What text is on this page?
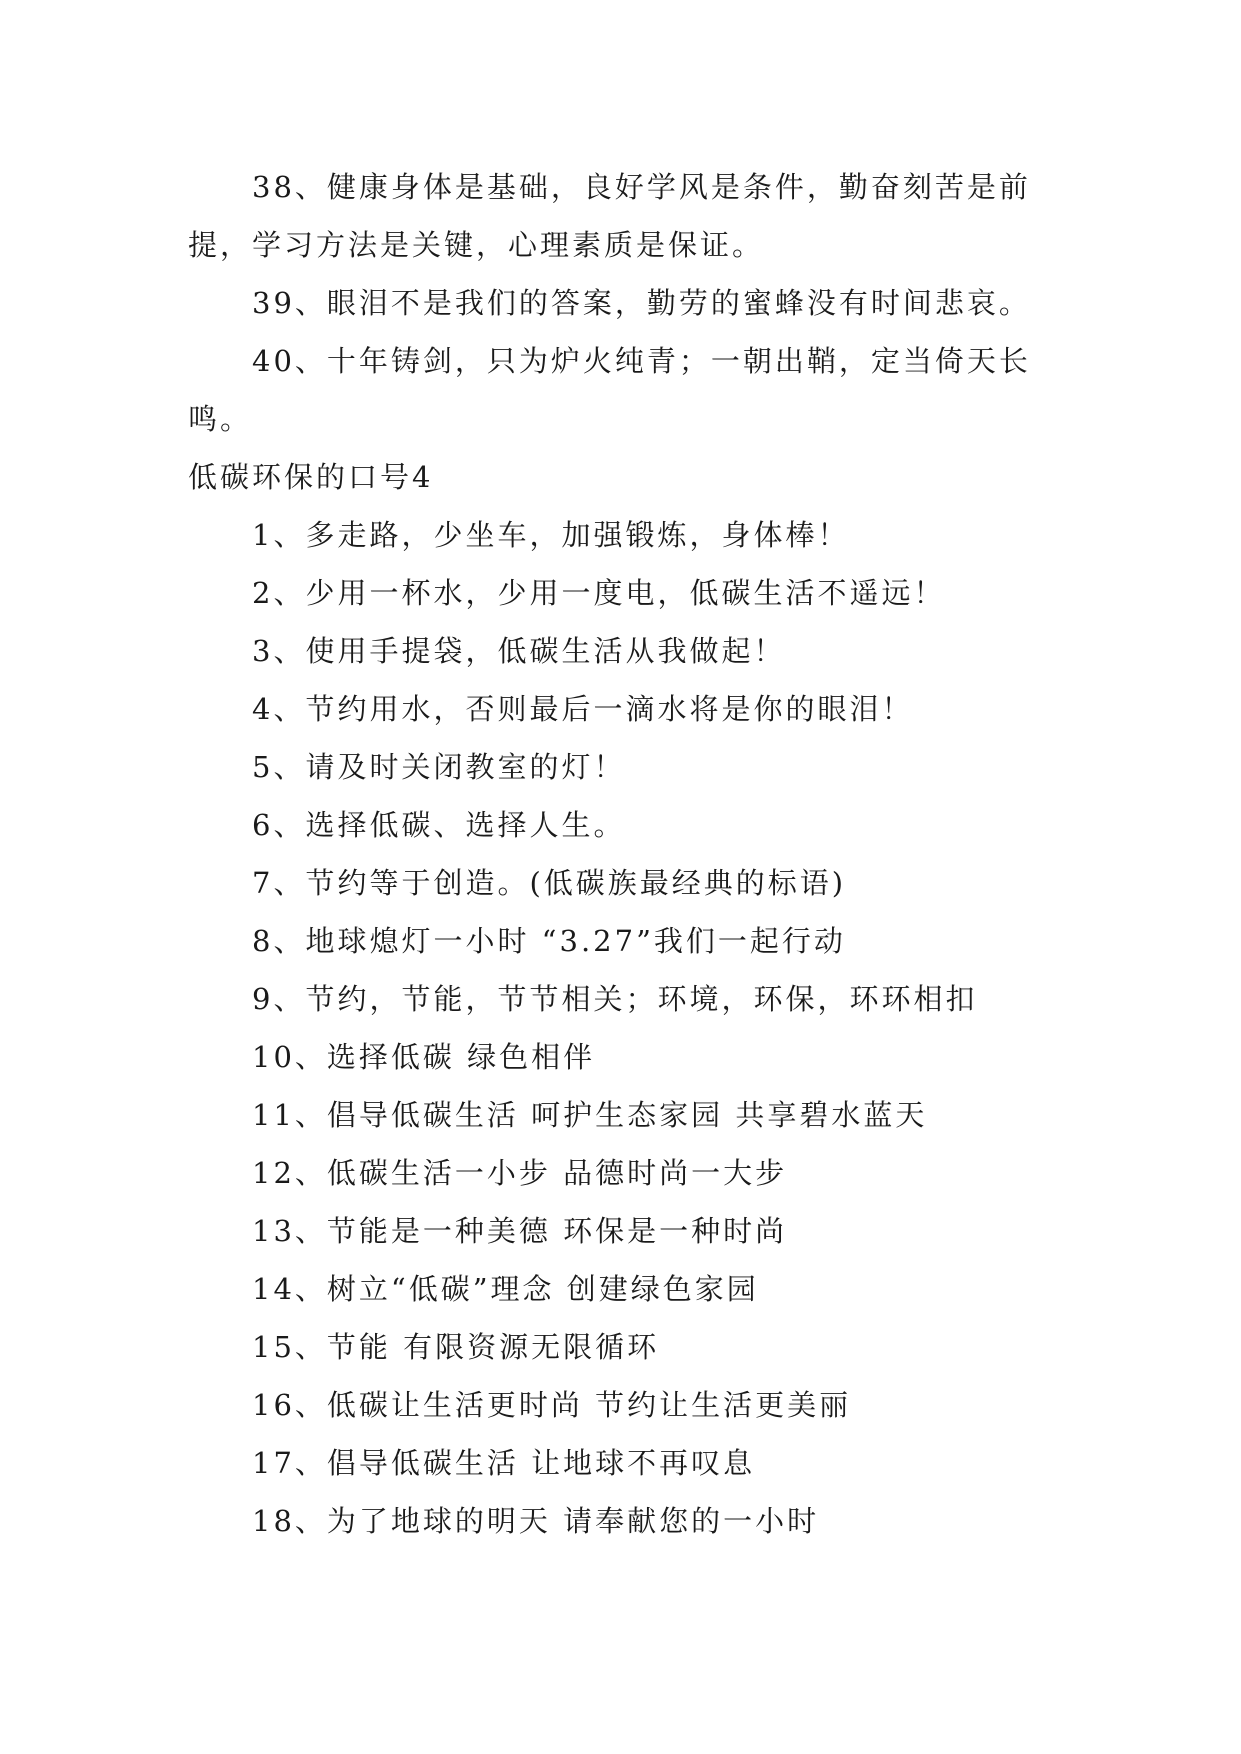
38、健康身体是基础，良好学风是条件，勤奋刻苦是前提，学习方法是关键，心理素质是保证。

39、眼泪不是我们的答案，勤劳的蜜蜂没有时间悲哀。

40、十年铸剑，只为炉火纯青；一朝出鞘，定当倚天长鸣。

低碳环保的口号4

1、多走路，少坐车，加强锻炼，身体棒！

2、少用一杯水，少用一度电，低碳生活不遥远！

3、使用手提袋，低碳生活从我做起！

4、节约用水，否则最后一滴水将是你的眼泪！

5、请及时关闭教室的灯！

6、选择低碳、选择人生。

7、节约等于创造。(低碳族最经典的标语)

8、地球熄灯一小时 “3.27”我们一起行动

9、节约，节能，节节相关；环境，环保，环环相扣

10、选择低碳 绿色相伴

11、倡导低碳生活 呵护生态家园 共享碧水蓝天

12、低碳生活一小步 品德时尚一大步

13、节能是一种美德 环保是一种时尚

14、树立“低碳”理念 创建绿色家园

15、节能 有限资源无限循环

16、低碳让生活更时尚 节约让生活更美丽

17、倡导低碳生活 让地球不再叹息

18、为了地球的明天 请奉献您的一小时
